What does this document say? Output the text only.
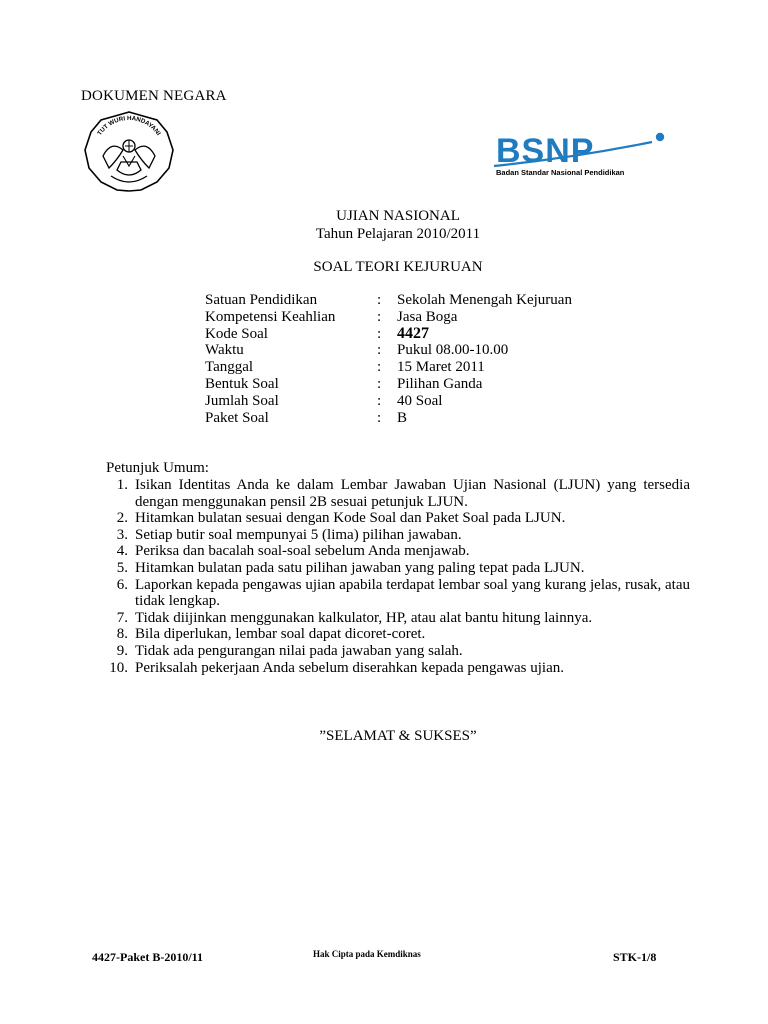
DOKUMEN NEGARA
TUT WURI HANDAYANI	BSNP
Badan Standar Nasional Pendidikan
UJIAN NASIONAL
Tahun Pelajaran 2010/2011
SOAL TEORI KEJURUAN
Satuan Pendidikan	: Sekolah Menengah Kejuruan
Kompetensi Keahlian	: Jasa Boga
Kode Soal	: 4427
Waktu	: Pukul 08.00-10.00
Tanggal	: 15 Maret 2011
Bentuk Soal	: Pilihan Ganda
Jumlah Soal	: 40 Soal
Paket Soal	: B
Petunjuk Umum:
1. Isikan Identitas Anda ke dalam Lembar Jawaban Ujian Nasional (LJUN) yang tersedia dengan menggunakan pensil 2B sesuai petunjuk LJUN.
2. Hitamkan bulatan sesuai dengan Kode Soal dan Paket Soal pada LJUN.
3. Setiap butir soal mempunyai 5 (lima) pilihan jawaban.
4. Periksa dan bacalah soal-soal sebelum Anda menjawab.
5. Hitamkan bulatan pada satu pilihan jawaban yang paling tepat pada LJUN.
6. Laporkan kepada pengawas ujian apabila terdapat lembar soal yang kurang jelas, rusak, atau tidak lengkap.
7. Tidak diijinkan menggunakan kalkulator, HP, atau alat bantu hitung lainnya.
8. Bila diperlukan, lembar soal dapat dicoret-coret.
9. Tidak ada pengurangan nilai pada jawaban yang salah.
10. Periksalah pekerjaan Anda sebelum diserahkan kepada pengawas ujian.
”SELAMAT & SUKSES”
4427-Paket B-2010/11	Hak Cipta pada Kemdiknas	STK-1/8
